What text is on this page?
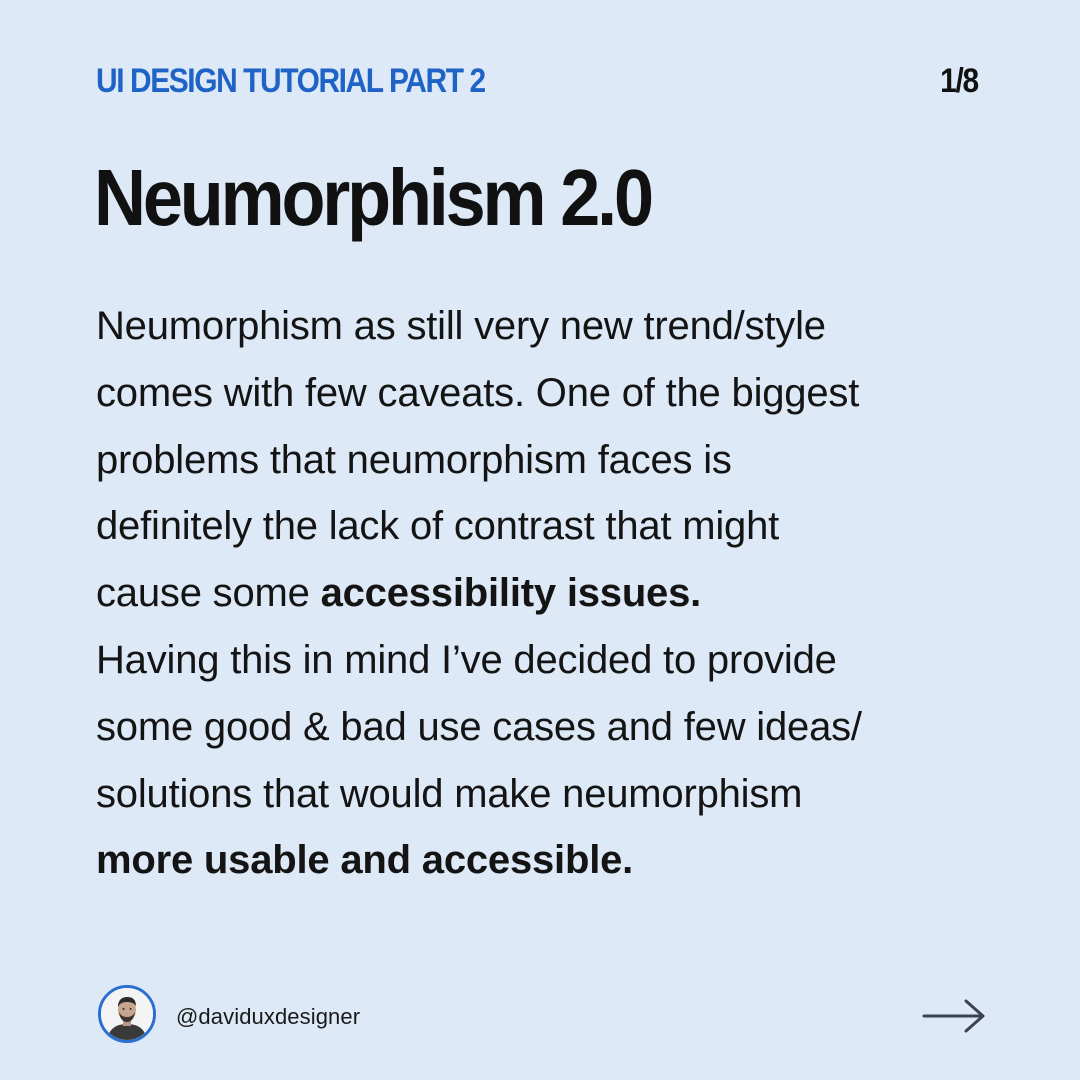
UI DESIGN TUTORIAL PART 2	1/8
Neumorphism 2.0
Neumorphism as still very new trend/style
comes with few caveats. One of the biggest
problems that neumorphism faces is
definitely the lack of contrast that might
cause some accessibility issues.
Having this in mind I’ve decided to provide
some good & bad use cases and few ideas/
solutions that would make neumorphism
more usable and accessible.
@daviduxdesigner
